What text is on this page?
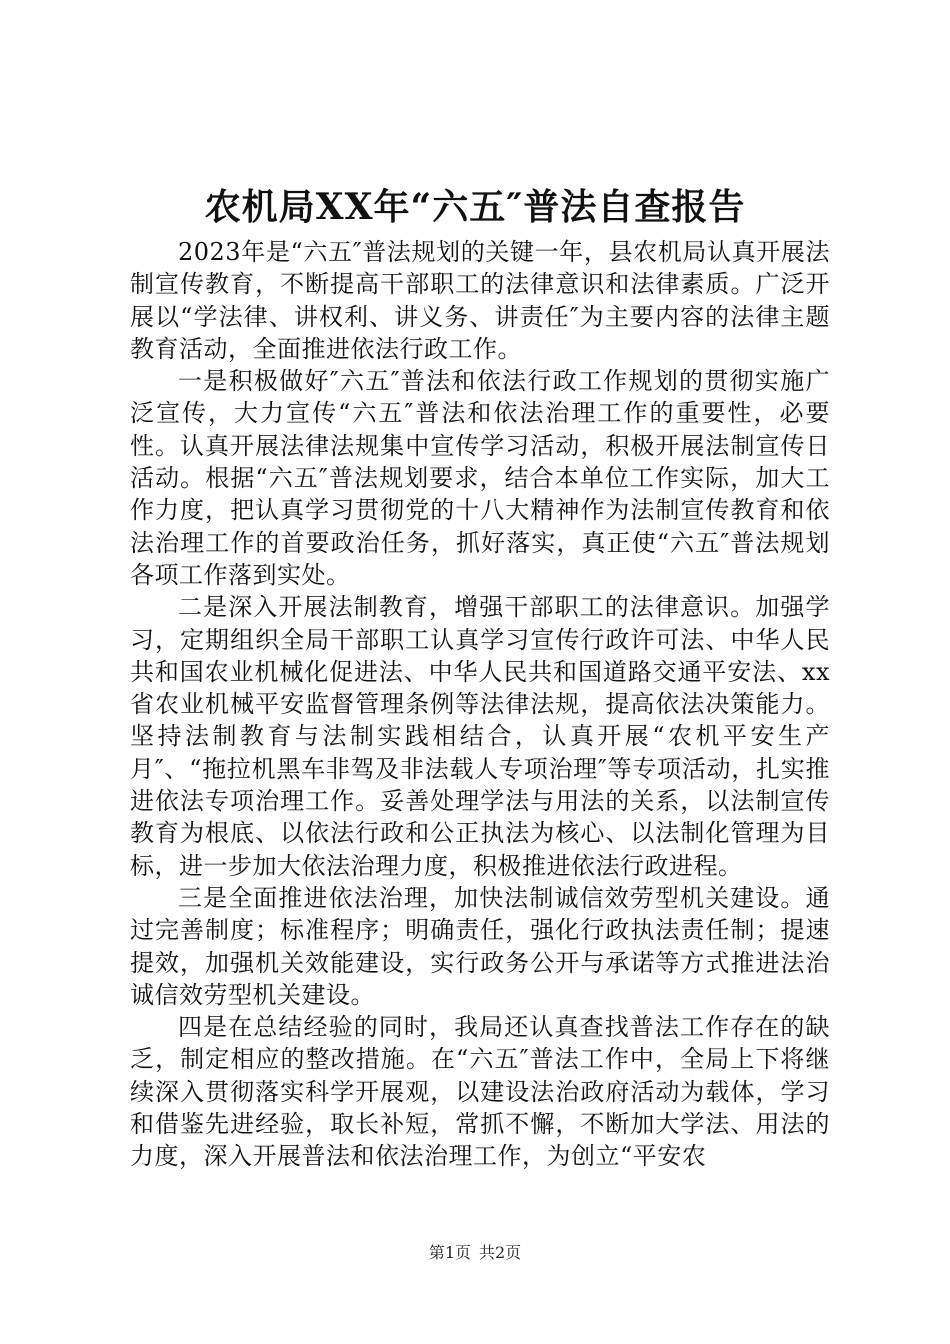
农机局XX年“六五″普法自查报告

2023年是“六五″普法规划的关键一年，县农机局认真开展法制宣传教育，不断提高干部职工的法律意识和法律素质。广泛开展以“学法律、讲权利、讲义务、讲责任″为主要内容的法律主题教育活动，全面推进依法行政工作。

一是积极做好″六五″普法和依法行政工作规划的贯彻实施广泛宣传，大力宣传“六五″普法和依法治理工作的重要性，必要性。认真开展法律法规集中宣传学习活动，积极开展法制宣传日活动。根据“六五″普法规划要求，结合本单位工作实际，加大工作力度，把认真学习贯彻党的十八大精神作为法制宣传教育和依法治理工作的首要政治任务，抓好落实，真正使“六五″普法规划各项工作落到实处。

二是深入开展法制教育，增强干部职工的法律意识。加强学习，定期组织全局干部职工认真学习宣传行政许可法、中华人民共和国农业机械化促进法、中华人民共和国道路交通平安法、xx省农业机械平安监督管理条例等法律法规，提高依法决策能力。坚持法制教育与法制实践相结合，认真开展“农机平安生产月″、“拖拉机黑车非驾及非法载人专项治理″等专项活动，扎实推进依法专项治理工作。妥善处理学法与用法的关系，以法制宣传教育为根底、以依法行政和公正执法为核心、以法制化管理为目标，进一步加大依法治理力度，积极推进依法行政进程。

三是全面推进依法治理，加快法制诚信效劳型机关建设。通过完善制度；标准程序；明确责任，强化行政执法责任制；提速提效，加强机关效能建设，实行政务公开与承诺等方式推进法治诚信效劳型机关建设。

四是在总结经验的同时，我局还认真查找普法工作存在的缺乏，制定相应的整改措施。在“六五″普法工作中，全局上下将继续深入贯彻落实科学开展观，以建设法治政府活动为载体，学习和借鉴先进经验，取长补短，常抓不懈，不断加大学法、用法的力度，深入开展普法和依法治理工作，为创立“平安农

第1页 共2页
